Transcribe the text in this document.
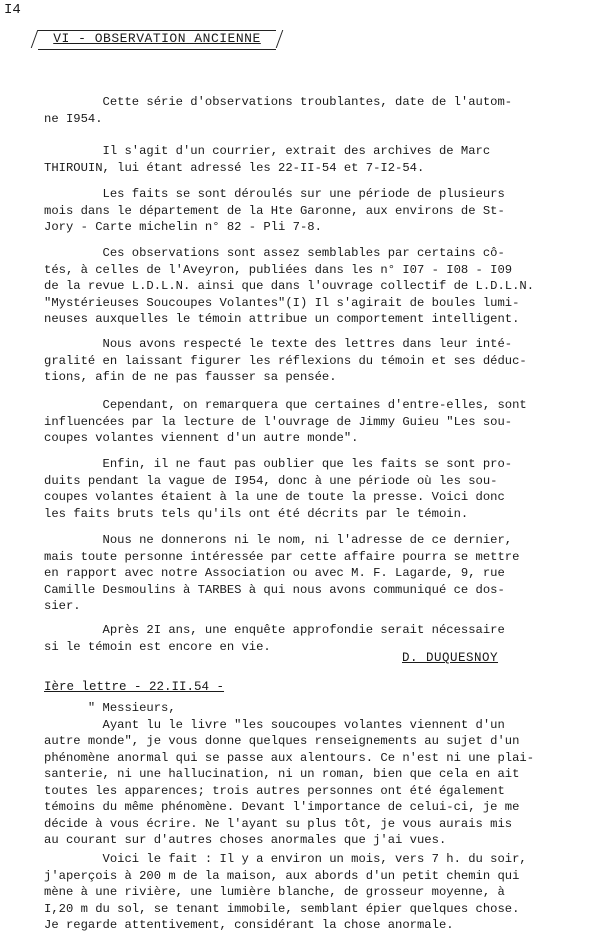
I4
VI - OBSERVATION ANCIENNE

Cette série d'observations troublantes, date de l'autom-
ne I954.

Il s'agit d'un courrier, extrait des archives de Marc
THIROUIN, lui étant adressé les 22-II-54 et 7-I2-54.

Les faits se sont déroulés sur une période de plusieurs
mois dans le département de la Hte Garonne, aux environs de St-
Jory - Carte michelin n° 82 - Pli 7-8.

Ces observations sont assez semblables par certains cô-
tés, à celles de l'Aveyron, publiées dans les n° I07 - I08 - I09
de la revue L.D.L.N. ainsi que dans l'ouvrage collectif de L.D.L.N.
"Mystérieuses Soucoupes Volantes"(I) Il s'agirait de boules lumi-
neuses auxquelles le témoin attribue un comportement intelligent.

Nous avons respecté le texte des lettres dans leur inté-
gralité en laissant figurer les réflexions du témoin et ses déduc-
tions, afin de ne pas fausser sa pensée.

Cependant, on remarquera que certaines d'entre-elles, sont
influencées par la lecture de l'ouvrage de Jimmy Guieu "Les sou-
coupes volantes viennent d'un autre monde".

Enfin, il ne faut pas oublier que les faits se sont pro-
duits pendant la vague de I954, donc à une période où les sou-
coupes volantes étaient à la une de toute la presse. Voici donc
les faits bruts tels qu'ils ont été décrits par le témoin.

Nous ne donnerons ni le nom, ni l'adresse de ce dernier,
mais toute personne intéressée par cette affaire pourra se mettre
en rapport avec notre Association ou avec M. F. Lagarde, 9, rue
Camille Desmoulins à TARBES à qui nous avons communiqué ce dos-
sier.

Après 2I ans, une enquête approfondie serait nécessaire
si le témoin est encore en vie.

D. DUQUESNOY
Ière lettre - 22.II.54 -

" Messieurs,
Ayant lu le livre "les soucoupes volantes viennent d'un
autre monde", je vous donne quelques renseignements au sujet d'un
phénomène anormal qui se passe aux alentours. Ce n'est ni une plai-
santerie, ni une hallucination, ni un roman, bien que cela en ait
toutes les apparences; trois autres personnes ont été également
témoins du même phénomène. Devant l'importance de celui-ci, je me
décide à vous écrire. Ne l'ayant su plus tôt, je vous aurais mis
au courant sur d'autres choses anormales que j'ai vues.

Voici le fait : Il y a environ un mois, vers 7 h. du soir,
j'aperçois à 200 m de la maison, aux abords d'un petit chemin qui
mène à une rivière, une lumière blanche, de grosseur moyenne, à
I,20 m du sol, se tenant immobile, semblant épier quelques chose.
Je regarde attentivement, considérant la chose anormale.
